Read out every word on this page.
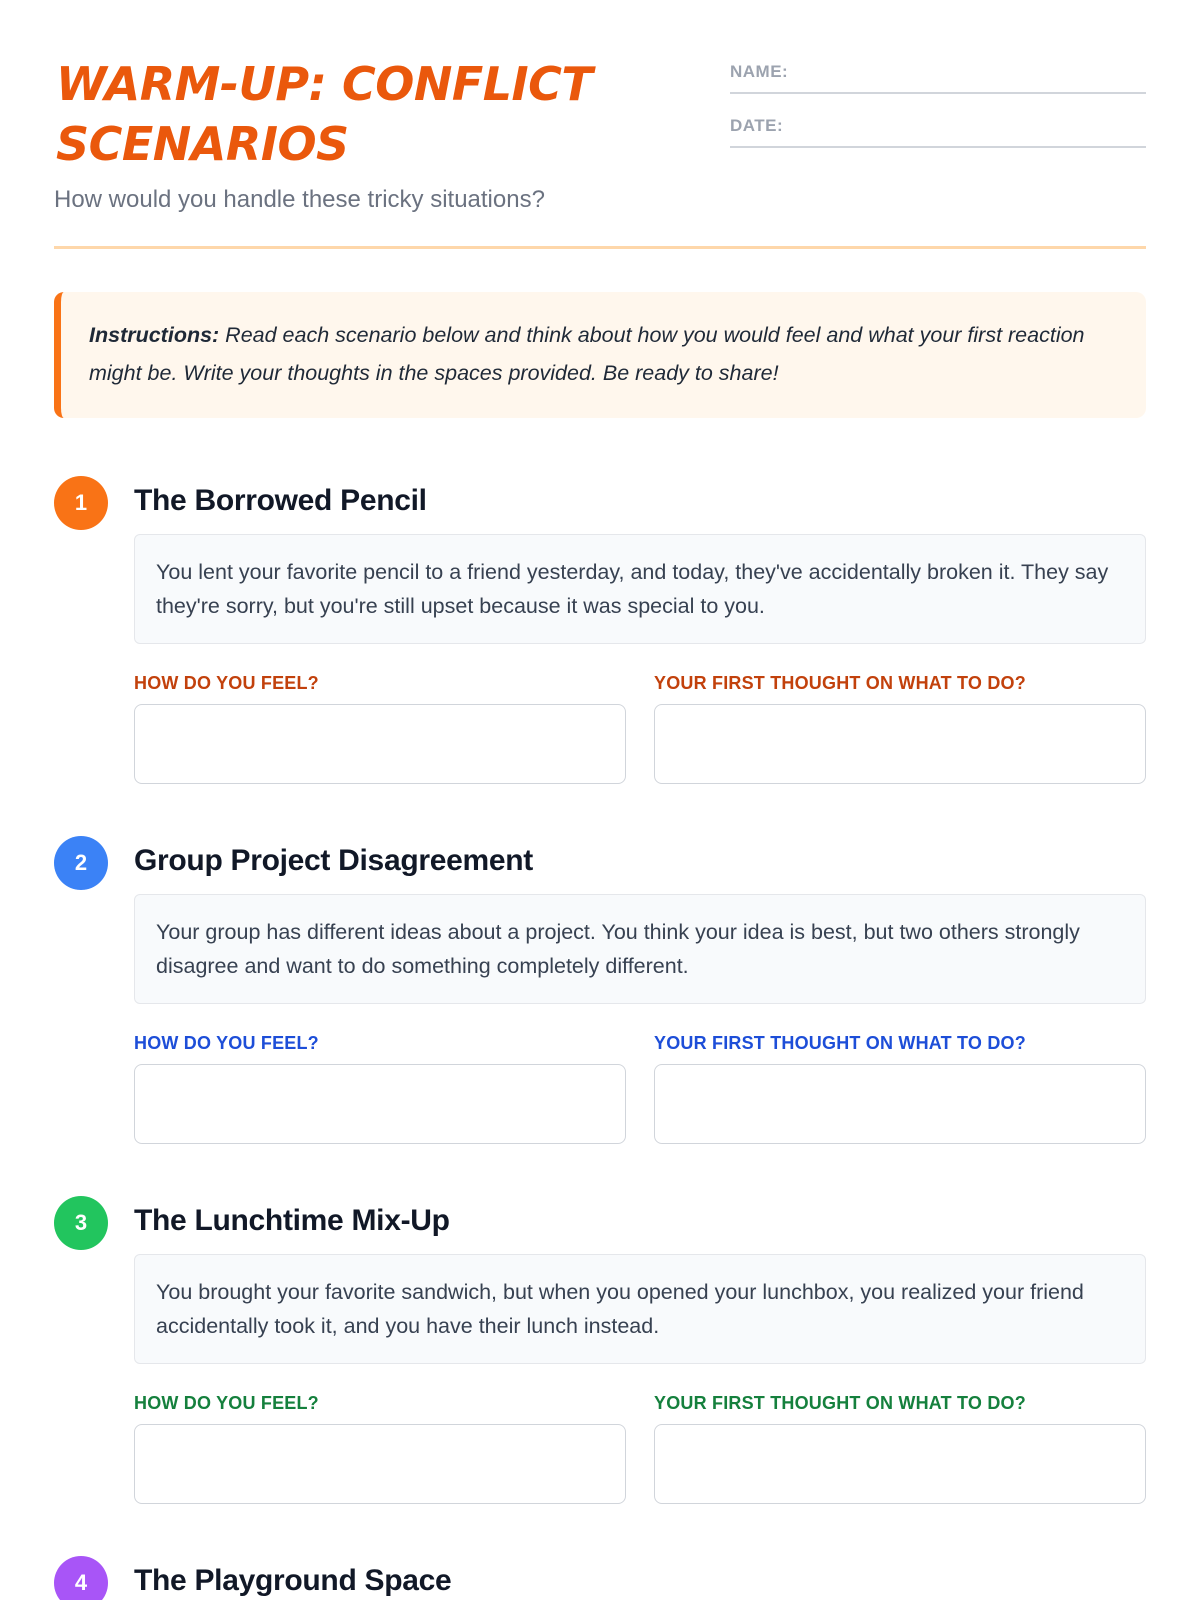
WARM-UP: CONFLICT SCENARIOS

How would you handle these tricky situations?

NAME:
DATE:
Instructions: Read each scenario below and think about how you would feel and what your first reaction might be. Write your thoughts in the spaces provided. Be ready to share!
1	The Borrowed Pencil
You lent your favorite pencil to a friend yesterday, and today, they've accidentally broken it. They say they're sorry, but you're still upset because it was special to you.
HOW DO YOU FEEL?	YOUR FIRST THOUGHT ON WHAT TO DO?
2	Group Project Disagreement
Your group has different ideas about a project. You think your idea is best, but two others strongly disagree and want to do something completely different.
HOW DO YOU FEEL?	YOUR FIRST THOUGHT ON WHAT TO DO?
3	The Lunchtime Mix-Up
You brought your favorite sandwich, but when you opened your lunchbox, you realized your friend accidentally took it, and you have their lunch instead.
HOW DO YOU FEEL?	YOUR FIRST THOUGHT ON WHAT TO DO?
4	The Playground Space
